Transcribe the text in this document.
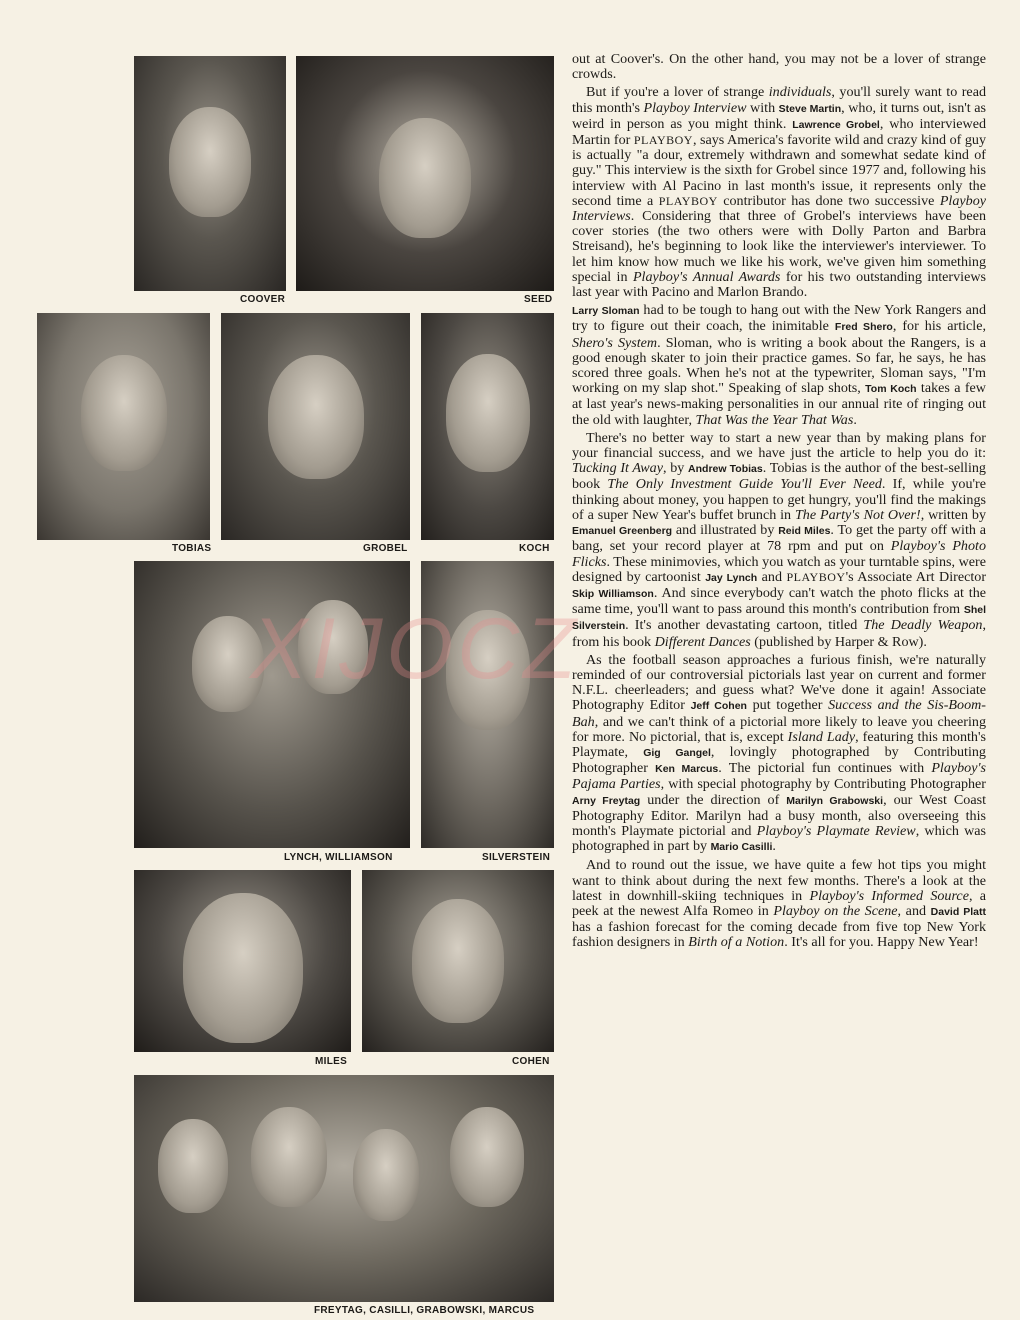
COOVER	SEED
TOBIAS	GROBEL	KOCH
LYNCH, WILLIAMSON	SILVERSTEIN
MILES	COHEN
FREYTAG, CASILLI, GRABOWSKI, MARCUS
XIJOCZ

out at Coover's. On the other hand, you may not be a lover of strange crowds.

But if you're a lover of strange individuals, you'll surely want to read this month's Playboy Interview with Steve Martin, who, it turns out, isn't as weird in person as you might think. Lawrence Grobel, who interviewed Martin for PLAYBOY, says America's favorite wild and crazy kind of guy is actually "a dour, extremely withdrawn and somewhat sedate kind of guy." This interview is the sixth for Grobel since 1977 and, following his interview with Al Pacino in last month's issue, it represents only the second time a PLAYBOY contributor has done two successive Playboy Interviews. Considering that three of Grobel's interviews have been cover stories (the two others were with Dolly Parton and Barbra Streisand), he's beginning to look like the interviewer's interviewer. To let him know how much we like his work, we've given him something special in Playboy's Annual Awards for his two outstanding interviews last year with Pacino and Marlon Brando.

Larry Sloman had to be tough to hang out with the New York Rangers and try to figure out their coach, the inimitable Fred Shero, for his article, Shero's System. Sloman, who is writing a book about the Rangers, is a good enough skater to join their practice games. So far, he says, he has scored three goals. When he's not at the typewriter, Sloman says, "I'm working on my slap shot." Speaking of slap shots, Tom Koch takes a few at last year's news-making personalities in our annual rite of ringing out the old with laughter, That Was the Year That Was.

There's no better way to start a new year than by making plans for your financial success, and we have just the article to help you do it: Tucking It Away, by Andrew Tobias. Tobias is the author of the best-selling book The Only Investment Guide You'll Ever Need. If, while you're thinking about money, you happen to get hungry, you'll find the makings of a super New Year's buffet brunch in The Party's Not Over!, written by Emanuel Greenberg and illustrated by Reid Miles. To get the party off with a bang, set your record player at 78 rpm and put on Playboy's Photo Flicks. These minimovies, which you watch as your turntable spins, were designed by cartoonist Jay Lynch and PLAYBOY's Associate Art Director Skip Williamson. And since everybody can't watch the photo flicks at the same time, you'll want to pass around this month's contribution from Shel Silverstein. It's another devastating cartoon, titled The Deadly Weapon, from his book Different Dances (published by Harper & Row).

As the football season approaches a furious finish, we're naturally reminded of our controversial pictorials last year on current and former N.F.L. cheerleaders; and guess what? We've done it again! Associate Photography Editor Jeff Cohen put together Success and the Sis-Boom-Bah, and we can't think of a pictorial more likely to leave you cheering for more. No pictorial, that is, except Island Lady, featuring this month's Playmate, Gig Gangel, lovingly photographed by Contributing Photographer Ken Marcus. The pictorial fun continues with Playboy's Pajama Parties, with special photography by Contributing Photographer Arny Freytag under the direction of Marilyn Grabowski, our West Coast Photography Editor. Marilyn had a busy month, also overseeing this month's Playmate pictorial and Playboy's Playmate Review, which was photographed in part by Mario Casilli.

And to round out the issue, we have quite a few hot tips you might want to think about during the next few months. There's a look at the latest in downhill-skiing techniques in Playboy's Informed Source, a peek at the newest Alfa Romeo in Playboy on the Scene, and David Platt has a fashion forecast for the coming decade from five top New York fashion designers in Birth of a Notion. It's all for you. Happy New Year!
